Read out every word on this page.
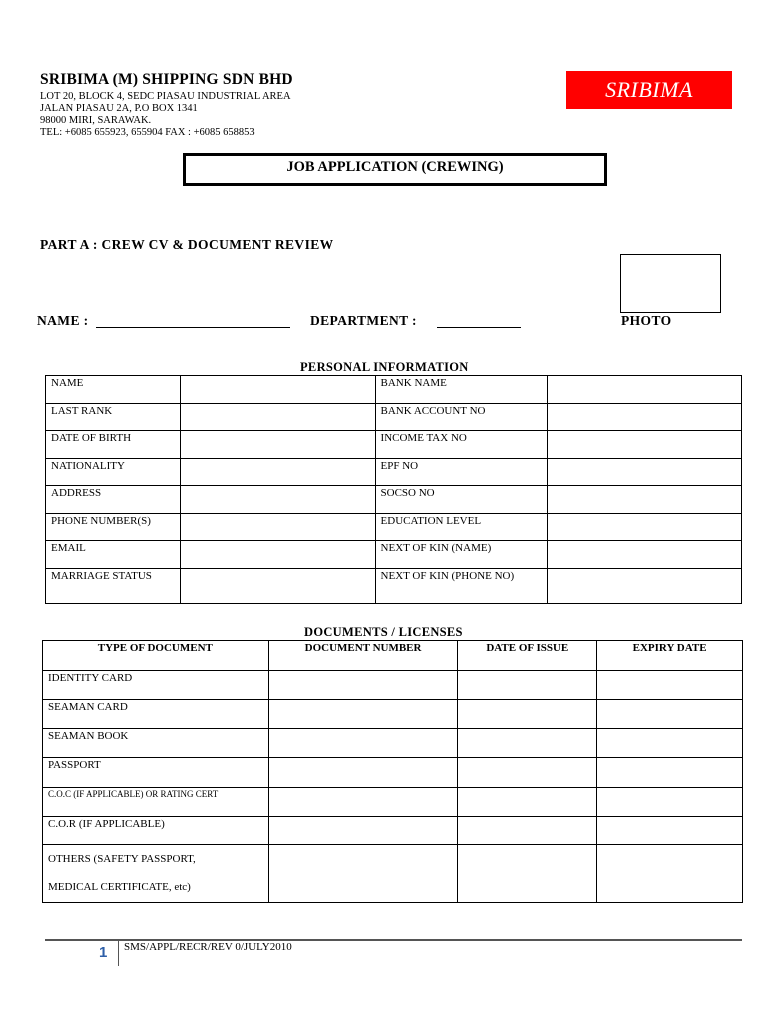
SRIBIMA (M) SHIPPING SDN BHD
LOT 20, BLOCK 4, SEDC PIASAU INDUSTRIAL AREA
JALAN PIASAU 2A, P.O BOX 1341
98000 MIRI, SARAWAK.
TEL: +6085 655923, 655904 FAX : +6085 658853
SRIBIMA
JOB APPLICATION (CREWING)
PART A : CREW CV & DOCUMENT REVIEW
NAME :	DEPARTMENT :	PHOTO
PERSONAL INFORMATION
NAME		BANK NAME	
LAST RANK		BANK ACCOUNT NO	
DATE OF BIRTH		INCOME TAX NO	
NATIONALITY		EPF NO	
ADDRESS		SOCSO NO	
PHONE NUMBER(S)		EDUCATION LEVEL	
EMAIL		NEXT OF KIN (NAME)	
MARRIAGE STATUS		NEXT OF KIN (PHONE NO)	
DOCUMENTS / LICENSES
TYPE OF DOCUMENT	DOCUMENT NUMBER	DATE OF ISSUE	EXPIRY DATE
IDENTITY CARD			
SEAMAN CARD			
SEAMAN BOOK			
PASSPORT			
C.O.C (IF APPLICABLE) OR RATING CERT			
C.O.R (IF APPLICABLE)			

OTHERS (SAFETY PASSPORT,
MEDICAL CERTIFICATE, etc)			

1 SMS/APPL/RECR/REV 0/JULY2010
